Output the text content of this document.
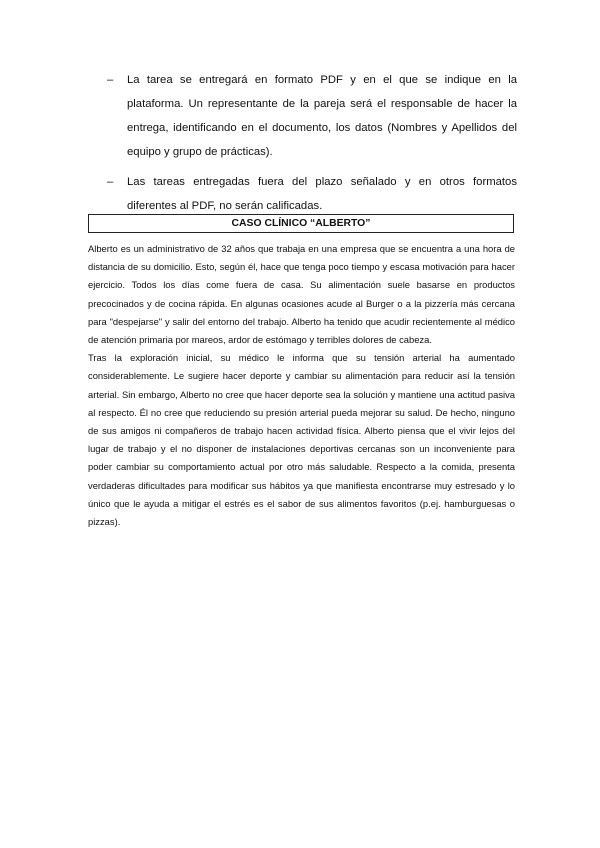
– La tarea se entregará en formato PDF y en el que se indique en la plataforma. Un representante de la pareja será el responsable de hacer la entrega, identificando en el documento, los datos (Nombres y Apellidos del equipo y grupo de prácticas).
– Las tareas entregadas fuera del plazo señalado y en otros formatos diferentes al PDF, no serán calificadas.
CASO CLÍNICO “ALBERTO”

Alberto es un administrativo de 32 años que trabaja en una empresa que se encuentra a una hora de distancia de su domicilio. Esto, según él, hace que tenga poco tiempo y escasa motivación para hacer ejercicio. Todos los días come fuera de casa. Su alimentación suele basarse en productos precocinados y de cocina rápida. En algunas ocasiones acude al Burger o a la pizzería más cercana para "despejarse" y salir del entorno del trabajo. Alberto ha tenido que acudir recientemente al médico de atención primaria por mareos, ardor de estómago y terribles dolores de cabeza.

Tras la exploración inicial, su médico le informa que su tensión arterial ha aumentado considerablemente. Le sugiere hacer deporte y cambiar su alimentación para reducir así la tensión arterial. Sin embargo, Alberto no cree que hacer deporte sea la solución y mantiene una actitud pasiva al respecto. Él no cree que reduciendo su presión arterial pueda mejorar su salud. De hecho, ninguno de sus amigos ni compañeros de trabajo hacen actividad física. Alberto piensa que el vivir lejos del lugar de trabajo y el no disponer de instalaciones deportivas cercanas son un inconveniente para poder cambiar su comportamiento actual por otro más saludable. Respecto a la comida, presenta verdaderas dificultades para modificar sus hábitos ya que manifiesta encontrarse muy estresado y lo único que le ayuda a mitigar el estrés es el sabor de sus alimentos favoritos (p.ej. hamburguesas o pizzas).
